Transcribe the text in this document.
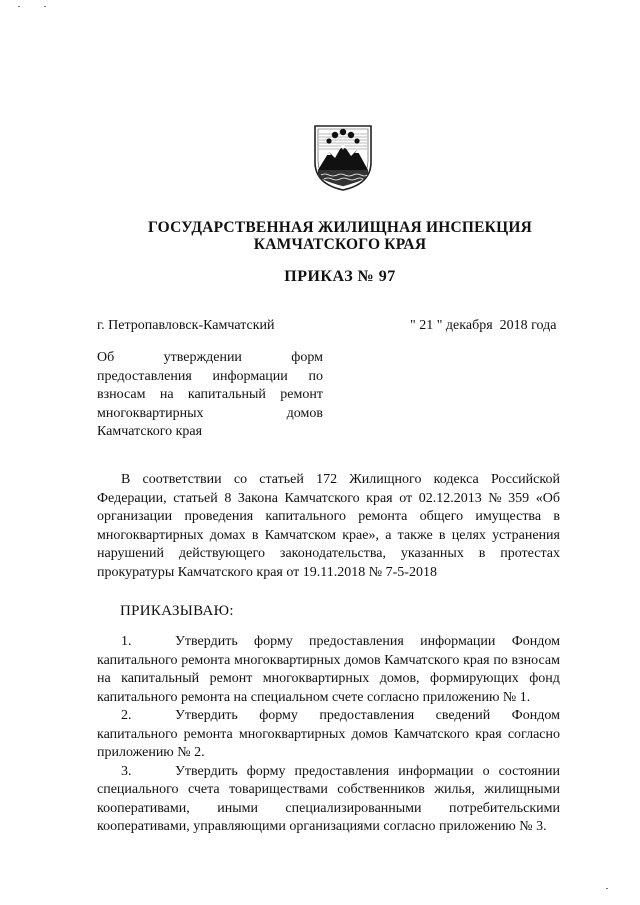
ГОСУДАРСТВЕННАЯ ЖИЛИЩНАЯ ИНСПЕКЦИЯ
КАМЧАТСКОГО КРАЯ
ПРИКАЗ № 97
г. Петропавловск-Камчатский	" 21 " декабря  2018 года
Об	утверждении	форм
предоставления информации по
взносам на капитальный ремонт
многоквартирных	домов
Камчатского края
В соответствии со статьей 172 Жилищного кодекса Российской
Федерации, статьей 8 Закона Камчатского края от 02.12.2013 № 359 «Об
организации проведения капитального ремонта общего имущества в
многоквартирных домах в Камчатском крае», а также в целях устранения
нарушений действующего законодательства, указанных в протестах
прокуратуры Камчатского края от 19.11.2018 № 7-5-2018
ПРИКАЗЫВАЮ:
1.	Утвердить форму предоставления информации Фондом
капитального ремонта многоквартирных домов Камчатского края по взносам
на капитальный ремонт многоквартирных домов, формирующих фонд
капитального ремонта на специальном счете согласно приложению № 1.
2.	Утвердить форму предоставления сведений Фондом
капитального ремонта многоквартирных домов Камчатского края согласно
приложению № 2.
3.	Утвердить форму предоставления информации о состоянии
специального счета товариществами собственников жилья, жилищными
кооперативами, иными специализированными потребительскими
кооперативами, управляющими организациями согласно приложению № 3.
